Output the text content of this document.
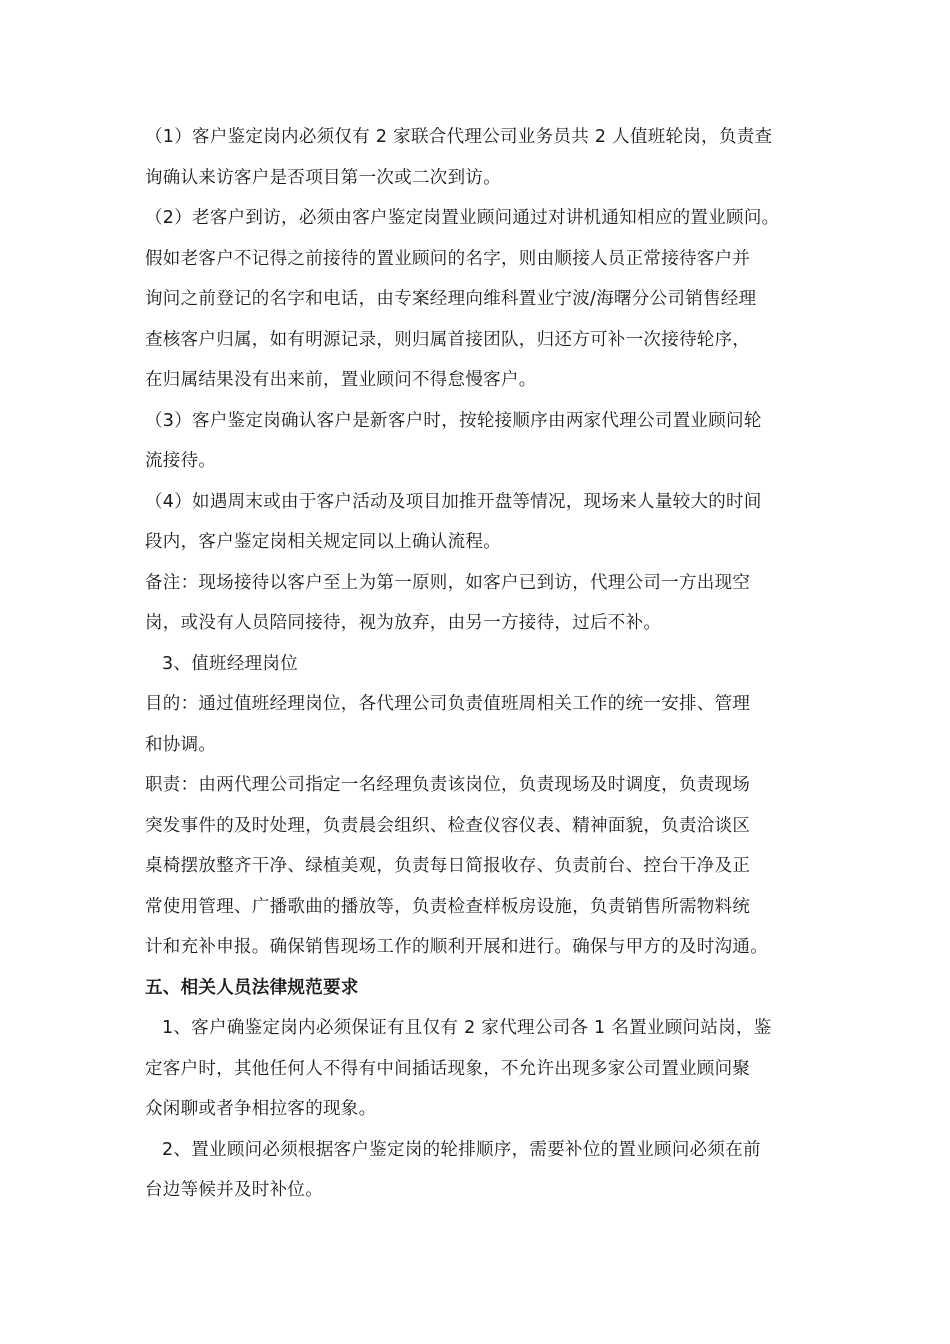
（1）客户鉴定岗内必须仅有 2 家联合代理公司业务员共 2 人值班轮岗，负责查
询确认来访客户是否项目第一次或二次到访。
（2）老客户到访，必须由客户鉴定岗置业顾问通过对讲机通知相应的置业顾问。
假如老客户不记得之前接待的置业顾问的名字，则由顺接人员正常接待客户并
询问之前登记的名字和电话，由专案经理向维科置业宁波/海曙分公司销售经理
查核客户归属，如有明源记录，则归属首接团队，归还方可补一次接待轮序，
在归属结果没有出来前，置业顾问不得怠慢客户。
（3）客户鉴定岗确认客户是新客户时，按轮接顺序由两家代理公司置业顾问轮
流接待。
（4）如遇周末或由于客户活动及项目加推开盘等情况，现场来人量较大的时间
段内，客户鉴定岗相关规定同以上确认流程。
备注：现场接待以客户至上为第一原则，如客户已到访，代理公司一方出现空
岗，或没有人员陪同接待，视为放弃，由另一方接待，过后不补。
3、值班经理岗位
目的：通过值班经理岗位，各代理公司负责值班周相关工作的统一安排、管理
和协调。
职责：由两代理公司指定一名经理负责该岗位，负责现场及时调度，负责现场
突发事件的及时处理，负责晨会组织、检查仪容仪表、精神面貌，负责洽谈区
桌椅摆放整齐干净、绿植美观，负责每日简报收存、负责前台、控台干净及正
常使用管理、广播歌曲的播放等，负责检查样板房设施，负责销售所需物料统
计和充补申报。确保销售现场工作的顺利开展和进行。确保与甲方的及时沟通。
五、相关人员法律规范要求
1、客户确鉴定岗内必须保证有且仅有 2 家代理公司各 1 名置业顾问站岗，鉴
定客户时，其他任何人不得有中间插话现象，不允许出现多家公司置业顾问聚
众闲聊或者争相拉客的现象。
2、置业顾问必须根据客户鉴定岗的轮排顺序，需要补位的置业顾问必须在前
台边等候并及时补位。
